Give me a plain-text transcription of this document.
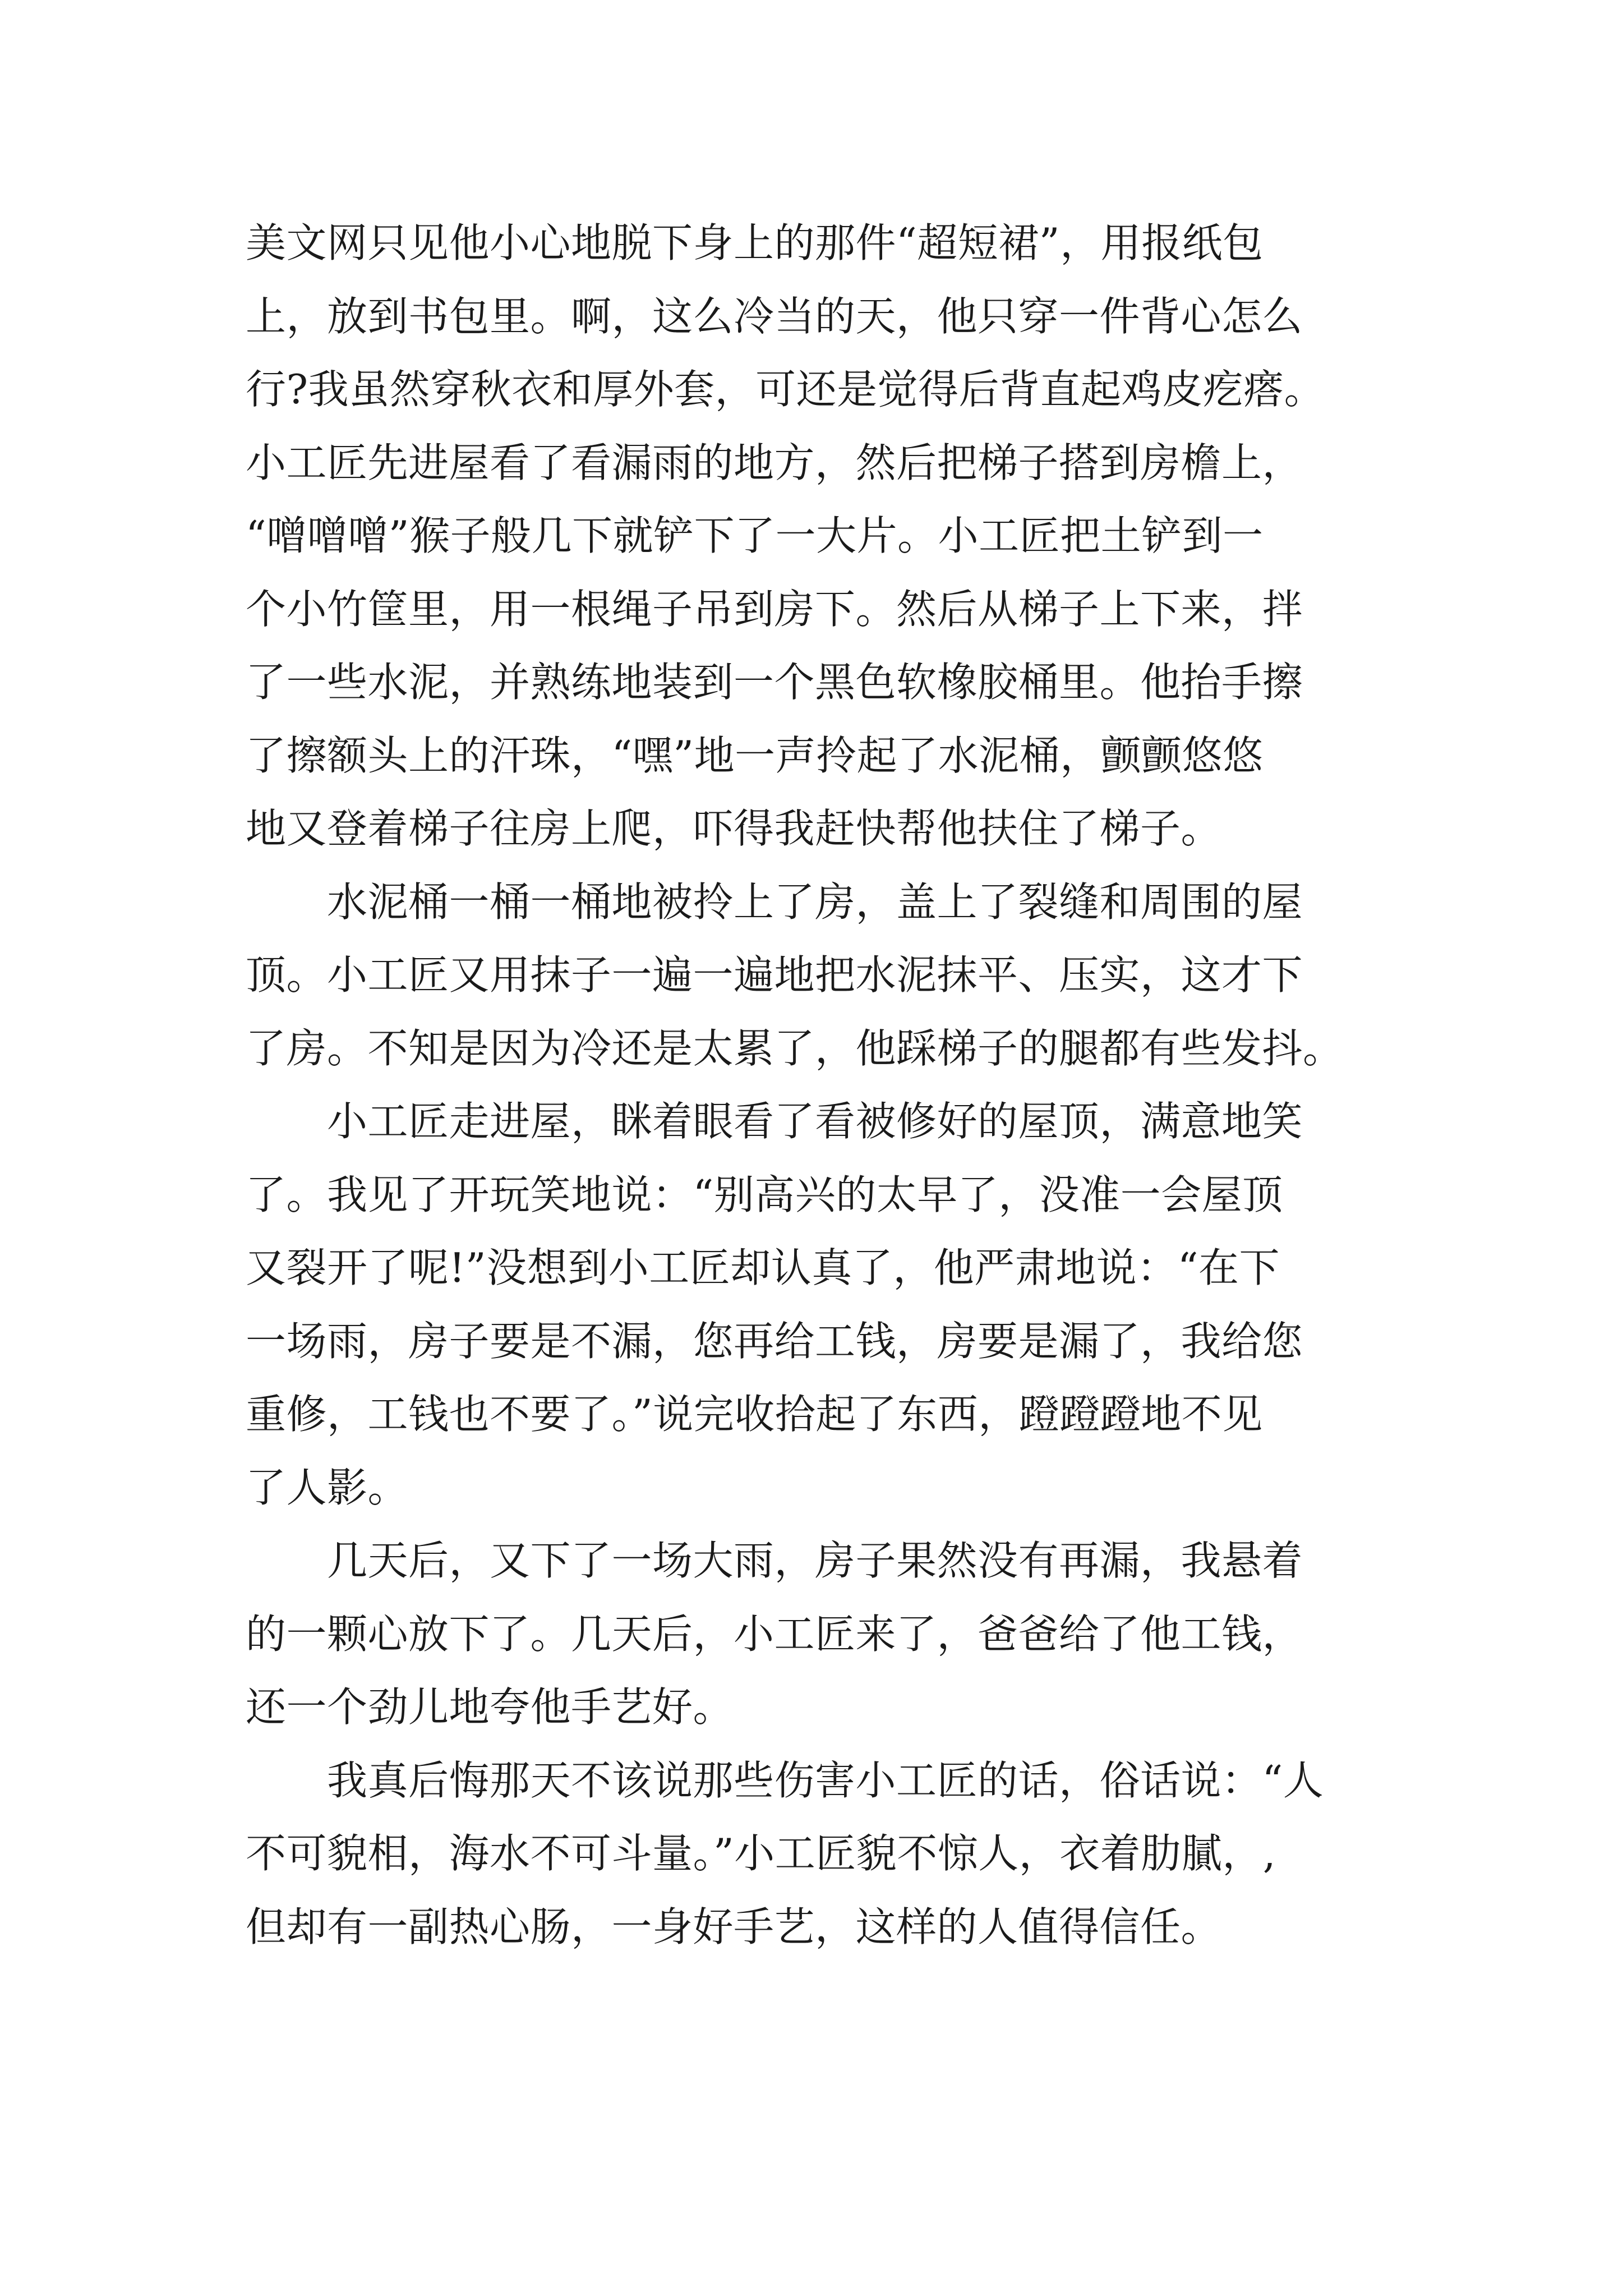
美文网只见他小心地脱下身上的那件“超短裙”，用报纸包
上，放到书包里。啊，这么冷当的天，他只穿一件背心怎么
行?我虽然穿秋衣和厚外套，可还是觉得后背直起鸡皮疙瘩。
小工匠先进屋看了看漏雨的地方，然后把梯子搭到房檐上，
“噌噌噌”猴子般几下就铲下了一大片。小工匠把土铲到一
个小竹筐里，用一根绳子吊到房下。然后从梯子上下来，拌
了一些水泥，并熟练地装到一个黑色软橡胶桶里。他抬手擦
了擦额头上的汗珠，“嘿”地一声拎起了水泥桶，颤颤悠悠
地又登着梯子往房上爬，吓得我赶快帮他扶住了梯子。
　　水泥桶一桶一桶地被拎上了房，盖上了裂缝和周围的屋
顶。小工匠又用抹子一遍一遍地把水泥抹平、压实，这才下
了房。不知是因为冷还是太累了，他踩梯子的腿都有些发抖。
　　小工匠走进屋，眯着眼看了看被修好的屋顶，满意地笑
了。我见了开玩笑地说：“别高兴的太早了，没准一会屋顶
又裂开了呢!”没想到小工匠却认真了，他严肃地说：“在下
一场雨，房子要是不漏，您再给工钱，房要是漏了，我给您
重修，工钱也不要了。”说完收拾起了东西，蹬蹬蹬地不见
了人影。
　　几天后，又下了一场大雨，房子果然没有再漏，我悬着
的一颗心放下了。几天后，小工匠来了，爸爸给了他工钱，
还一个劲儿地夸他手艺好。
　　我真后悔那天不该说那些伤害小工匠的话，俗话说：“人
不可貌相，海水不可斗量。”小工匠貌不惊人，衣着肋膩，,
但却有一副热心肠，一身好手艺，这样的人值得信任。
